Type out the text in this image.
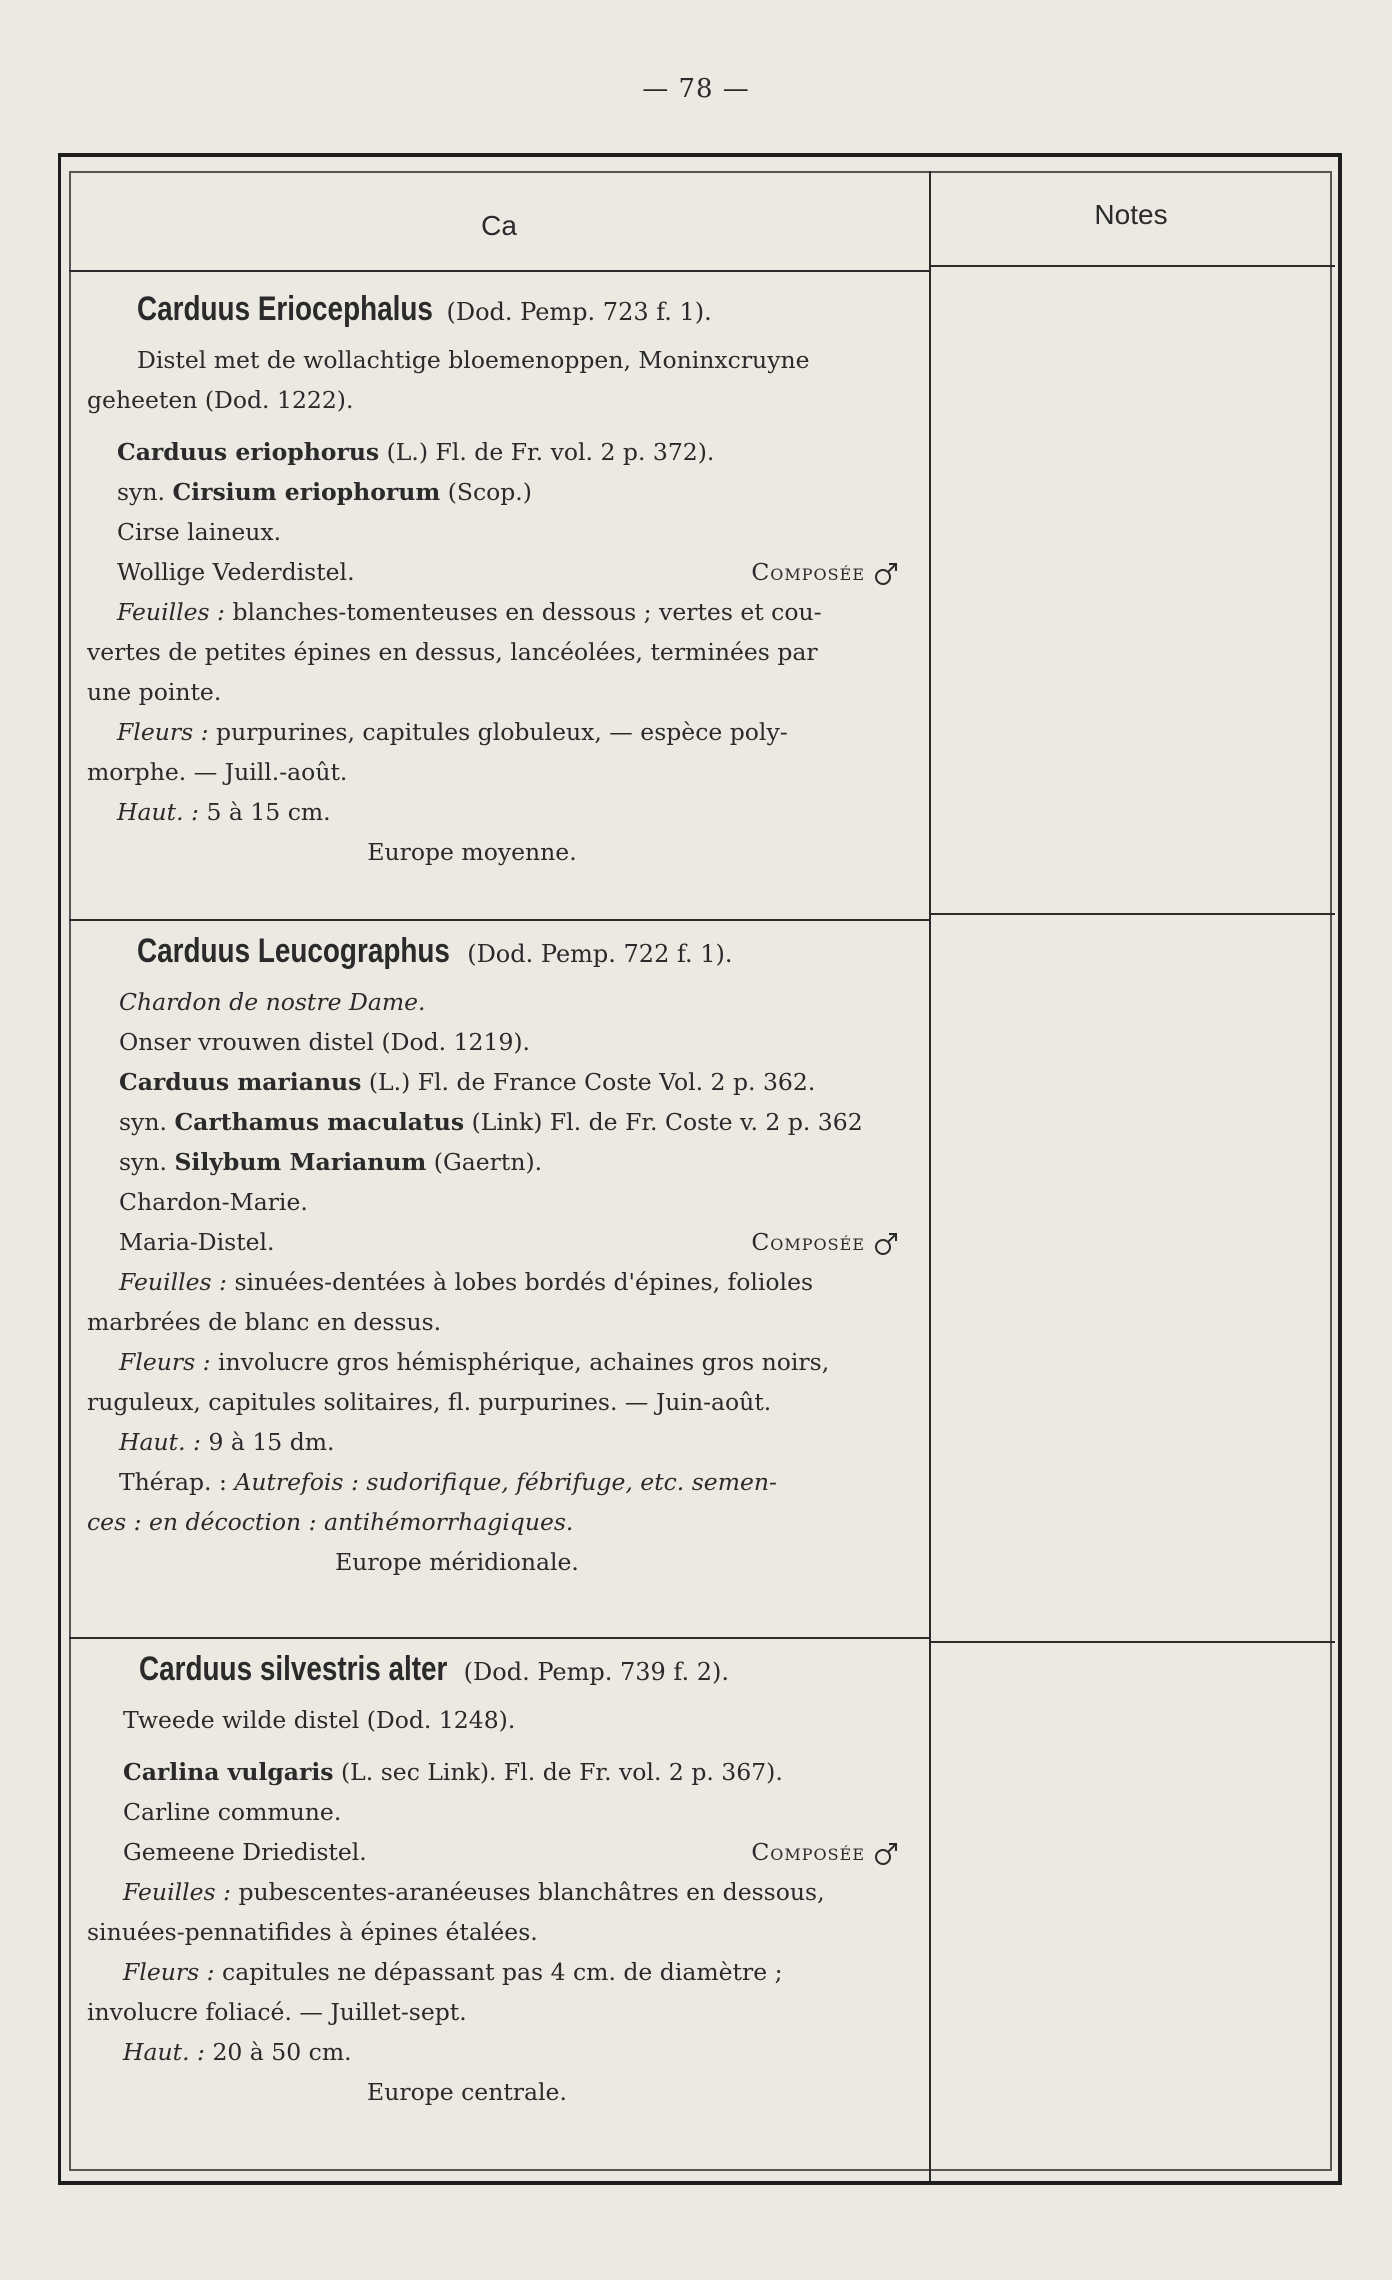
— 78 —
Ca	Notes

Carduus Eriocephalus (Dod. Pemp. 723 f. 1).

Distel met de wollachtige bloemenoppen, Moninxcruyne

geheeten (Dod. 1222).

Carduus eriophorus (L.) Fl. de Fr. vol. 2 p. 372).

syn. Cirsium eriophorum (Scop.)

Cirse laineux.

Wollige Vederdistel.	Composée

Feuilles : blanches-tomenteuses en dessous ; vertes et cou-

vertes de petites épines en dessus, lancéolées, terminées par

une pointe.

Fleurs : purpurines, capitules globuleux, — espèce poly-

morphe. — Juill.-août.

Haut. : 5 à 15 cm.

Europe moyenne.

Carduus Leucographus (Dod. Pemp. 722 f. 1).

Chardon de nostre Dame.

Onser vrouwen distel (Dod. 1219).

Carduus marianus (L.) Fl. de France Coste Vol. 2 p. 362.

syn. Carthamus maculatus (Link) Fl. de Fr. Coste v. 2 p. 362

syn. Silybum Marianum (Gaertn).

Chardon-Marie.

Maria-Distel.	Composée

Feuilles : sinuées-dentées à lobes bordés d'épines, folioles

marbrées de blanc en dessus.

Fleurs : involucre gros hémisphérique, achaines gros noirs,

ruguleux, capitules solitaires, fl. purpurines. — Juin-août.

Haut. : 9 à 15 dm.

Thérap. : Autrefois : sudorifique, fébrifuge, etc. semen-

ces : en décoction : antihémorrhagiques.

Europe méridionale.

Carduus silvestris alter (Dod. Pemp. 739 f. 2).

Tweede wilde distel (Dod. 1248).

Carlina vulgaris (L. sec Link). Fl. de Fr. vol. 2 p. 367).

Carline commune.

Gemeene Driedistel.	Composée

Feuilles : pubescentes-aranéeuses blanchâtres en dessous,

sinuées-pennatifides à épines étalées.

Fleurs : capitules ne dépassant pas 4 cm. de diamètre ;

involucre foliacé. — Juillet-sept.

Haut. : 20 à 50 cm.

Europe centrale.
